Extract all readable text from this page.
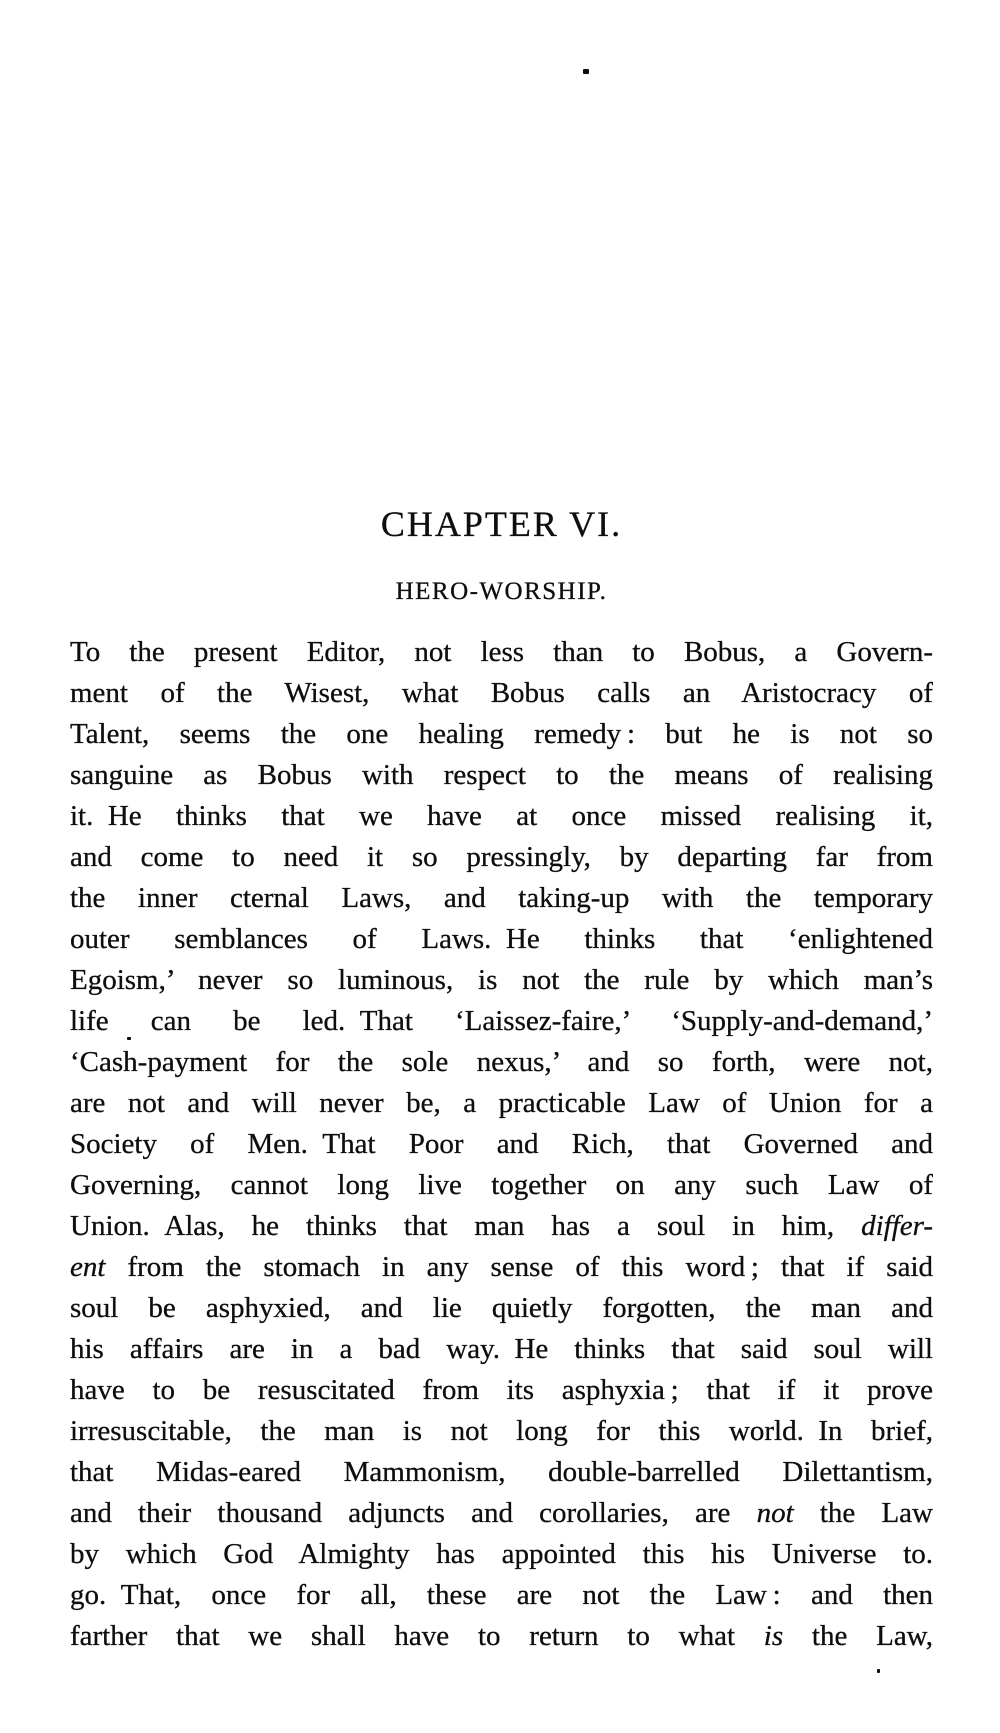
CHAPTER VI.
HERO-WORSHIP.
To the present Editor, not less than to Bobus, a Govern-
ment of the Wisest, what Bobus calls an Aristocracy of
Talent, seems the one healing remedy : but he is not so
sanguine as Bobus with respect to the means of realising
it. He thinks that we have at once missed realising it,
and come to need it so pressingly, by departing far from
the inner cternal Laws, and taking-up with the temporary
outer semblances of Laws. He thinks that ‘enlightened
Egoism,’ never so luminous, is not the rule by which man’s
life can be led. That ‘Laissez-faire,’ ‘Supply-and-demand,’
‘Cash-payment for the sole nexus,’ and so forth, were not,
are not and will never be, a practicable Law of Union for a
Society of Men. That Poor and Rich, that Governed and
Governing, cannot long live together on any such Law of
Union. Alas, he thinks that man has a soul in him, differ-
ent from the stomach in any sense of this word ; that if said
soul be asphyxied, and lie quietly forgotten, the man and
his affairs are in a bad way. He thinks that said soul will
have to be resuscitated from its asphyxia ; that if it prove
irresuscitable, the man is not long for this world. In brief,
that Midas-eared Mammonism, double-barrelled Dilettantism,
and their thousand adjuncts and corollaries, are not the Law
by which God Almighty has appointed this his Universe to.
go. That, once for all, these are not the Law : and then
farther that we shall have to return to what is the Law,
